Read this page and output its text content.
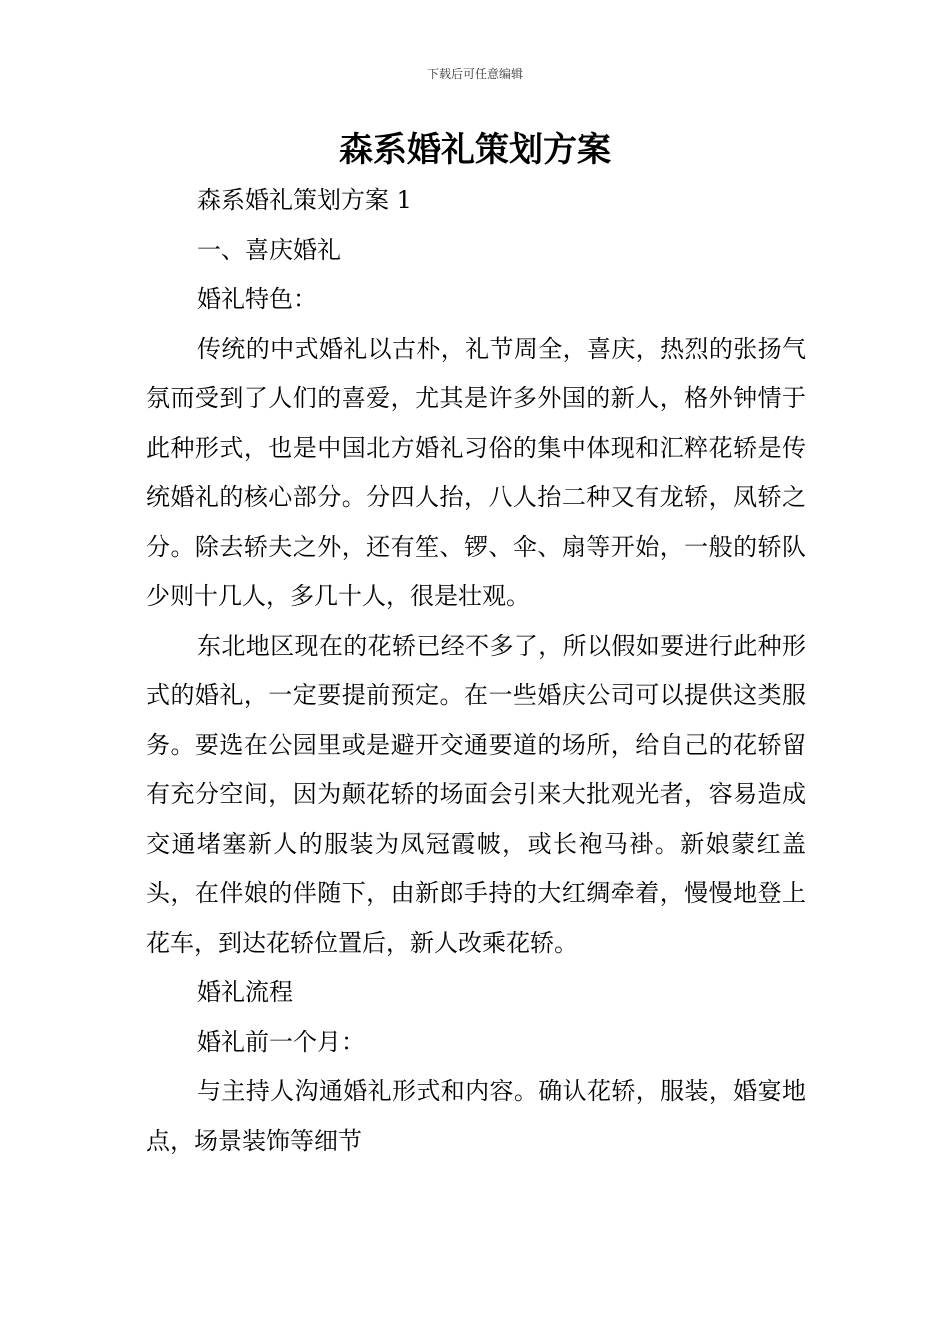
下载后可任意编辑
森系婚礼策划方案

森系婚礼策划方案 1

一、喜庆婚礼

婚礼特色：

传统的中式婚礼以古朴，礼节周全，喜庆，热烈的张扬气氛而受到了人们的喜爱，尤其是许多外国的新人，格外钟情于此种形式，也是中国北方婚礼习俗的集中体现和汇粹花轿是传统婚礼的核心部分。分四人抬，八人抬二种又有龙轿，凤轿之分。除去轿夫之外，还有笙、锣、伞、扇等开始，一般的轿队少则十几人，多几十人，很是壮观。

东北地区现在的花轿已经不多了，所以假如要进行此种形式的婚礼，一定要提前预定。在一些婚庆公司可以提供这类服务。要选在公园里或是避开交通要道的场所，给自己的花轿留有充分空间，因为颠花轿的场面会引来大批观光者，容易造成交通堵塞新人的服装为凤冠霞帔，或长袍马褂。新娘蒙红盖头，在伴娘的伴随下，由新郎手持的大红绸牵着，慢慢地登上花车，到达花轿位置后，新人改乘花轿。

婚礼流程

婚礼前一个月：

与主持人沟通婚礼形式和内容。确认花轿，服装，婚宴地点，场景装饰等细节
